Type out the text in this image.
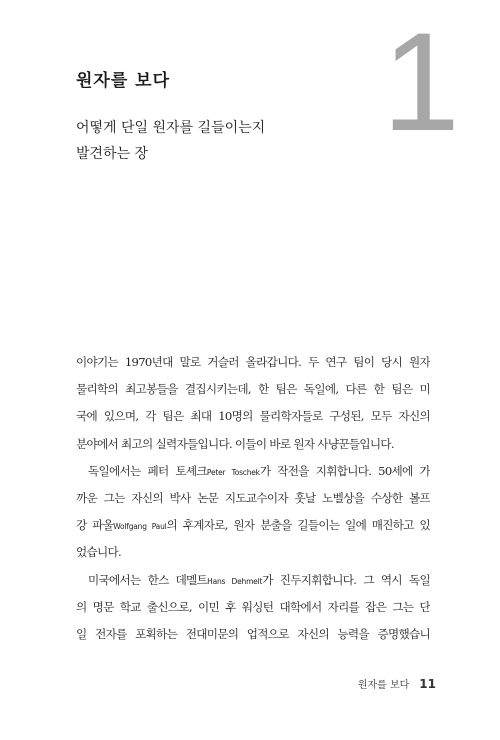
원자를 보다
어떻게 단일 원자를 길들이는지
발견하는 장	1
이야기는 1970년대 말로 거슬러 올라갑니다. 두 연구 팀이 당시 원자
물리학의 최고봉들을 결집시키는데, 한 팀은 독일에, 다른 한 팀은 미
국에 있으며, 각 팀은 최대 10명의 물리학자들로 구성된, 모두 자신의
분야에서 최고의 실력자들입니다. 이들이 바로 원자 사냥꾼들입니다.
독일에서는 페터 토셰크Peter Toschek가 작전을 지휘합니다. 50세에 가
까운 그는 자신의 박사 논문 지도교수이자 훗날 노벨상을 수상한 볼프
강 파울Wolfgang Paul의 후계자로, 원자 분출을 길들이는 일에 매진하고 있
었습니다.
미국에서는 한스 데멜트Hans Dehmelt가 진두지휘합니다. 그 역시 독일
의 명문 학교 출신으로, 이민 후 워싱턴 대학에서 자리를 잡은 그는 단
일 전자를 포획하는 전대미문의 업적으로 자신의 능력을 증명했습니
원자를 보다 11
